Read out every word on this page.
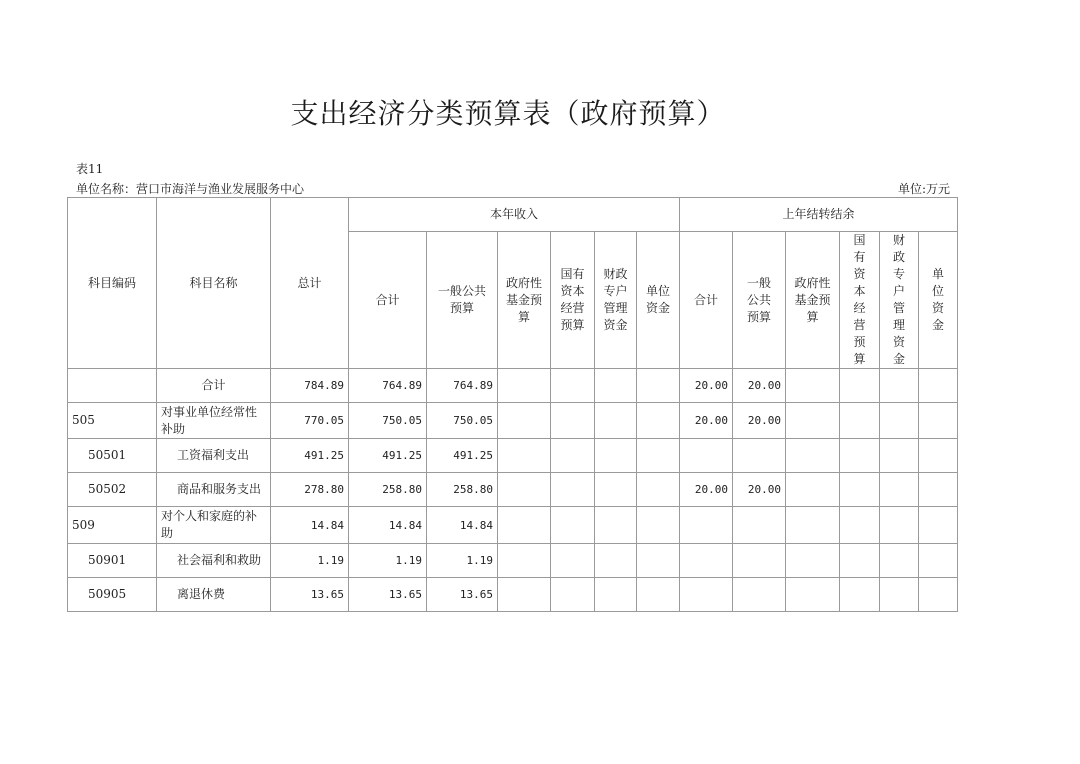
支出经济分类预算表（政府预算）
表11
单位名称：营口市海洋与渔业发展服务中心	单位:万元
科目编码	科目名称	总计	本年收入						上年结转结余					
			合计	一般公共预算	政府性基金预算	国有资本经营预算	财政专户管理资金	单位资金	合计	一般公共预算	政府性基金预算	国有资本经营预算	财政专户管理资金	单位资金
	合计	784.89	764.89	764.89					20.00	20.00				
505	对事业单位经常性补助	770.05	750.05	750.05					20.00	20.00				
50501	工资福利支出	491.25	491.25	491.25										
50502	商品和服务支出	278.80	258.80	258.80					20.00	20.00				
509	对个人和家庭的补助	14.84	14.84	14.84										
50901	社会福利和救助	1.19	1.19	1.19										
50905	离退休费	13.65	13.65	13.65										
